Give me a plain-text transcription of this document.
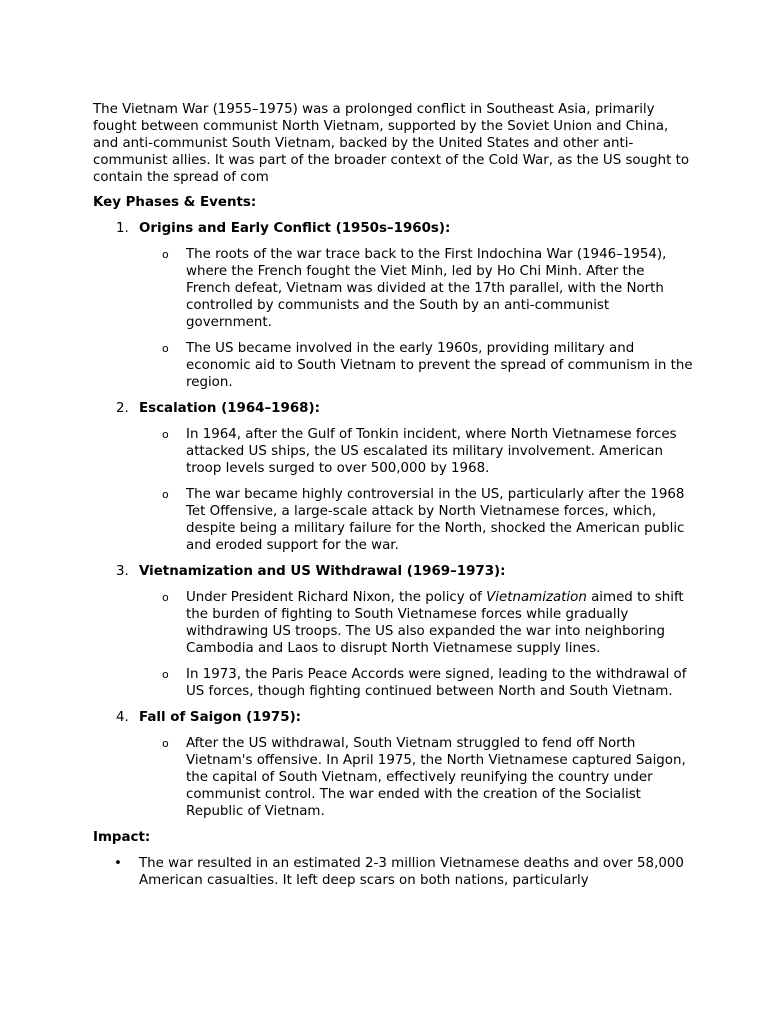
The Vietnam War (1955–1975) was a prolonged conflict in Southeast Asia, primarily fought between communist North Vietnam, supported by the Soviet Union and China, and anti-communist South Vietnam, backed by the United States and other anti-communist allies. It was part of the broader context of the Cold War, as the US sought to contain the spread of com

Key Phases & Events:

1. Origins and Early Conflict (1950s–1960s):

o The roots of the war trace back to the First Indochina War (1946–1954), where the French fought the Viet Minh, led by Ho Chi Minh. After the French defeat, Vietnam was divided at the 17th parallel, with the North controlled by communists and the South by an anti-communist government.
o The US became involved in the early 1960s, providing military and economic aid to South Vietnam to prevent the spread of communism in the region.

2. Escalation (1964–1968):

o In 1964, after the Gulf of Tonkin incident, where North Vietnamese forces attacked US ships, the US escalated its military involvement. American troop levels surged to over 500,000 by 1968.
o The war became highly controversial in the US, particularly after the 1968 Tet Offensive, a large-scale attack by North Vietnamese forces, which, despite being a military failure for the North, shocked the American public and eroded support for the war.

3. Vietnamization and US Withdrawal (1969–1973):

o Under President Richard Nixon, the policy of Vietnamization aimed to shift the burden of fighting to South Vietnamese forces while gradually withdrawing US troops. The US also expanded the war into neighboring Cambodia and Laos to disrupt North Vietnamese supply lines.
o In 1973, the Paris Peace Accords were signed, leading to the withdrawal of US forces, though fighting continued between North and South Vietnam.

4. Fall of Saigon (1975):

o After the US withdrawal, South Vietnam struggled to fend off North Vietnam's offensive. In April 1975, the North Vietnamese captured Saigon, the capital of South Vietnam, effectively reunifying the country under communist control. The war ended with the creation of the Socialist Republic of Vietnam.

Impact:

• The war resulted in an estimated 2-3 million Vietnamese deaths and over 58,000 American casualties. It left deep scars on both nations, particularly
